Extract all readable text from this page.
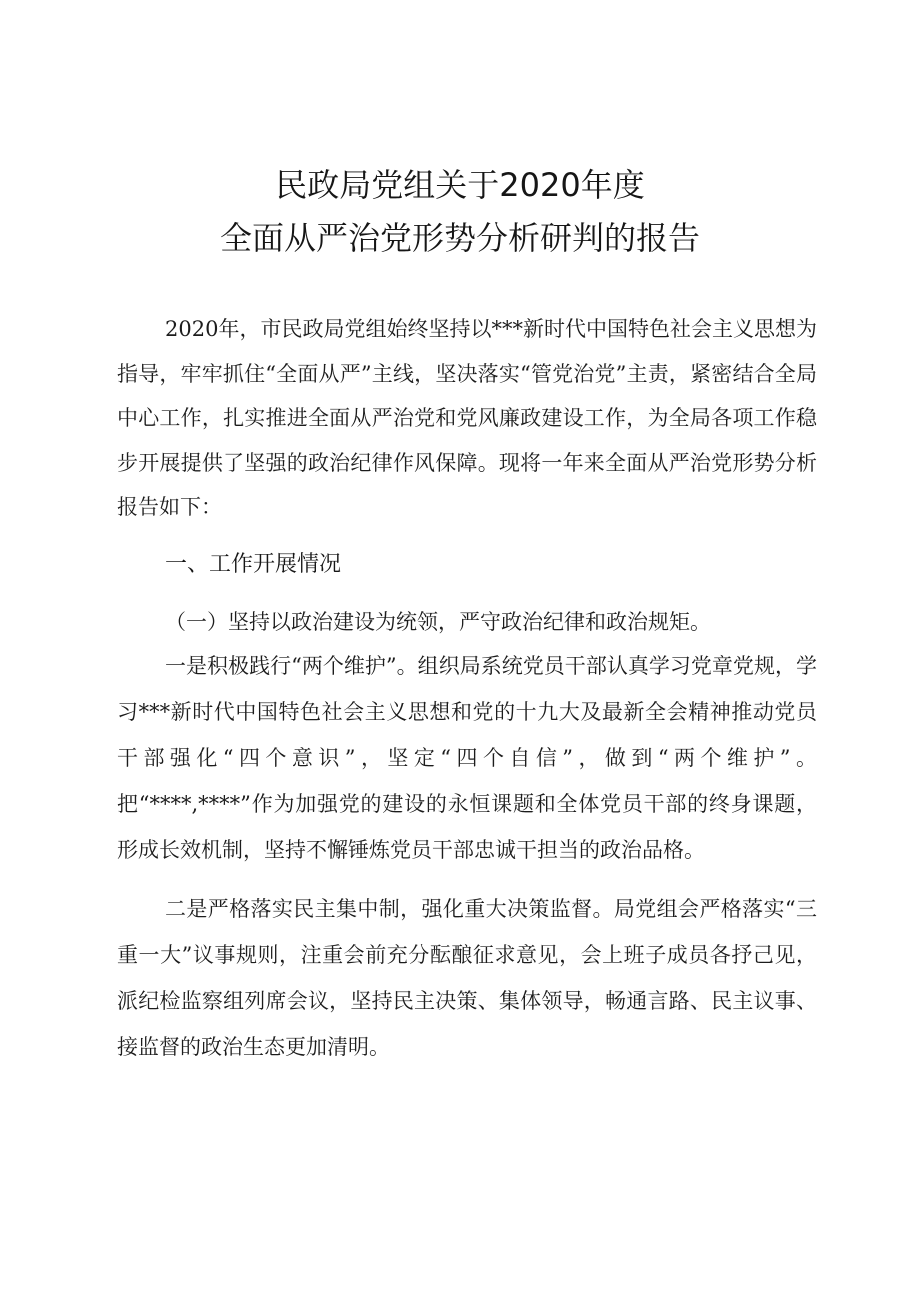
民政局党组关于2020年度
全面从严治党形势分析研判的报告

2020年，市民政局党组始终坚持以***新时代中国特色社会主义思想为指导，牢牢抓住“全面从严”主线，坚决落实“管党治党”主责，紧密结合全局中心工作，扎实推进全面从严治党和党风廉政建设工作，为全局各项工作稳步开展提供了坚强的政治纪律作风保障。现将一年来全面从严治党形势分析报告如下：

一、工作开展情况

（一）坚持以政治建设为统领，严守政治纪律和政治规矩。

一是积极践行“两个维护”。组织局系统党员干部认真学习党章党规，学习***新时代中国特色社会主义思想和党的十九大及最新全会精神推动党员干部强化“四个意识”，坚定“四个自信”，做到“两个维护”。把“****,****”作为加强党的建设的永恒课题和全体党员干部的终身课题，形成长效机制，坚持不懈锤炼党员干部忠诚干担当的政治品格。

二是严格落实民主集中制，强化重大决策监督。局党组会严格落实“三重一大”议事规则，注重会前充分酝酿征求意见，会上班子成员各抒己见，派纪检监察组列席会议，坚持民主决策、集体领导，畅通言路、民主议事、接监督的政治生态更加清明。
